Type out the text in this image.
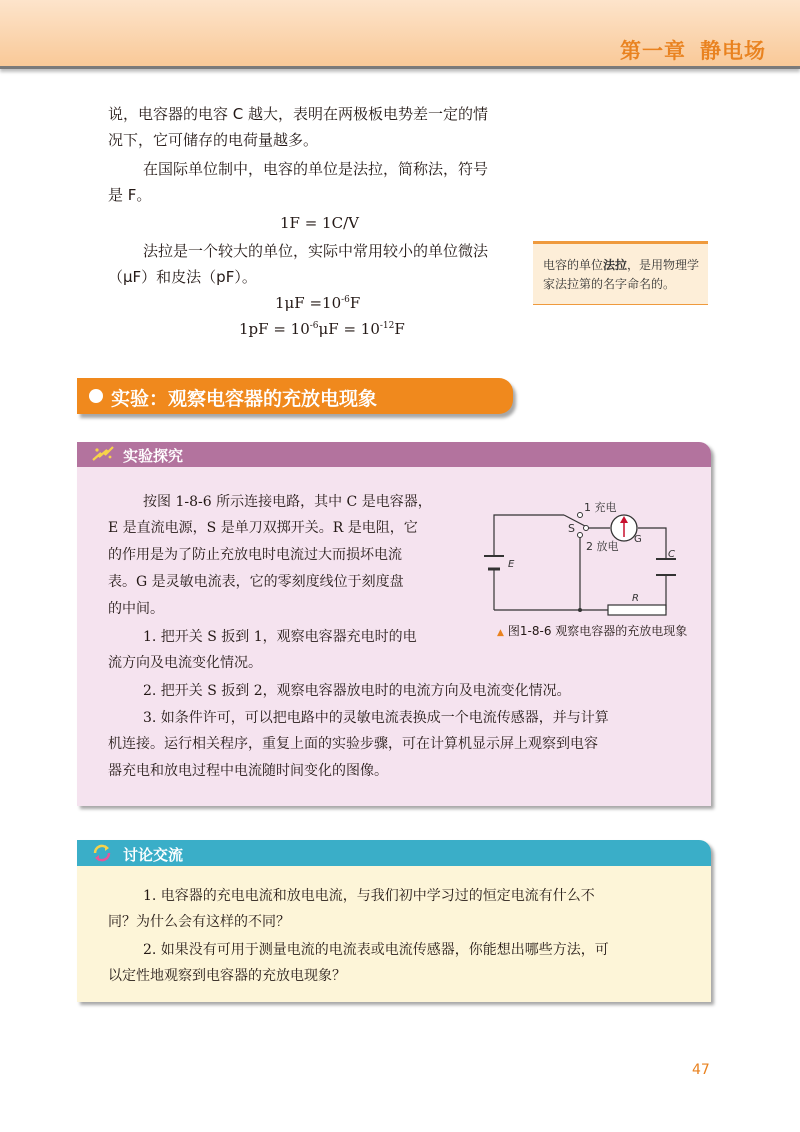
第一章 静电场
说，电容器的电容 C 越大，表明在两极板电势差一定的情
况下，它可储存的电荷量越多。
在国际单位制中，电容的单位是法拉，简称法，符号
是 F。
1F = 1C/V
法拉是一个较大的单位，实际中常用较小的单位微法
（μF）和皮法（pF）。
$1\mu F =10^{-6}F$
$1pF = 10^{-6}\mu F = 10^{-12}F$
电容的单位法拉，是用物理学家法拉第的名字命名的。
实验：观察电容器的充放电现象
实验探究
按图 1-8-6 所示连接电路，其中 C 是电容器，
E 是直流电源，S 是单刀双掷开关。R 是电阻，它
的作用是为了防止充放电时电流过大而损坏电流
表。G 是灵敏电流表，它的零刻度线位于刻度盘
的中间。
1. 把开关 S 扳到 1，观察电容器充电时的电
流方向及电流变化情况。
2. 把开关 S 扳到 2，观察电容器放电时的电流方向及电流变化情况。
3. 如条件许可，可以把电路中的灵敏电流表换成一个电流传感器，并与计算
机连接。运行相关程序，重复上面的实验步骤，可在计算机显示屏上观察到电容
器充电和放电过程中电流随时间变化的图像。
1 充电
2 放电
S
G
C
E
R
▲ 图1-8-6 观察电容器的充放电现象
讨论交流
1. 电容器的充电电流和放电电流，与我们初中学习过的恒定电流有什么不
同？为什么会有这样的不同？
2. 如果没有可用于测量电流的电流表或电流传感器，你能想出哪些方法，可
以定性地观察到电容器的充放电现象？
47
